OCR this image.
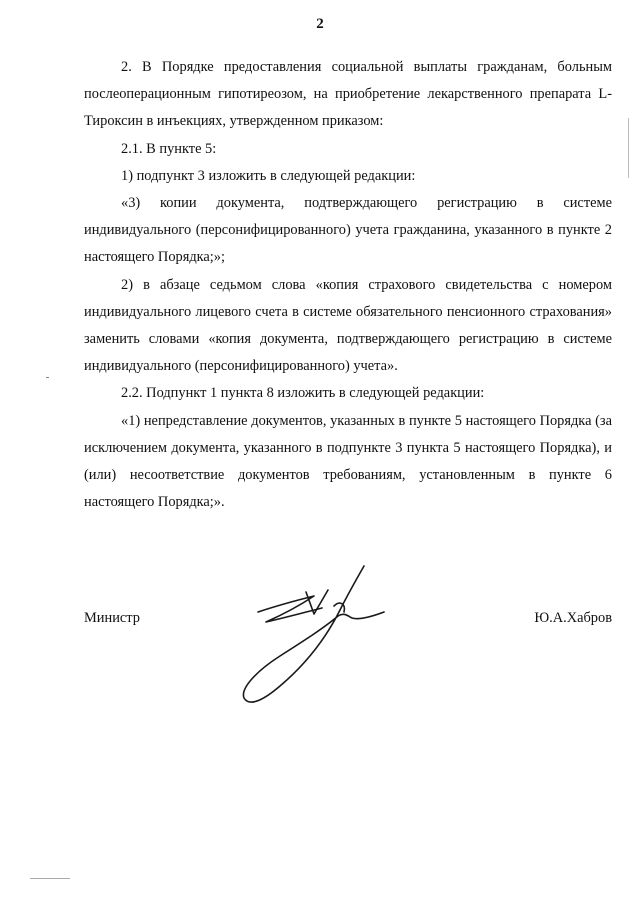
2

2. В Порядке предоставления социальной выплаты гражданам, больным послеоперационным гипотиреозом, на приобретение лекарственного препарата L-Тироксин в инъекциях, утвержденном приказом:

2.1. В пункте 5:

1) подпункт 3 изложить в следующей редакции:

«3) копии документа, подтверждающего регистрацию в системе индивидуального (персонифицированного) учета гражданина, указанного в пункте 2 настоящего Порядка;»;

2) в абзаце седьмом слова «копия страхового свидетельства с номером индивидуального лицевого счета в системе обязательного пенсионного страхования» заменить словами «копия документа, подтверждающего регистрацию в системе индивидуального (персонифицированного) учета».

2.2. Подпункт 1 пункта 8 изложить в следующей редакции:

«1) непредставление документов, указанных в пункте 5 настоящего Порядка (за исключением документа, указанного в подпункте 3 пункта 5 настоящего Порядка), и (или) несоответствие документов требованиям, установленным в пункте 6 настоящего Порядка;».

Министр	Ю.А.Хабров
